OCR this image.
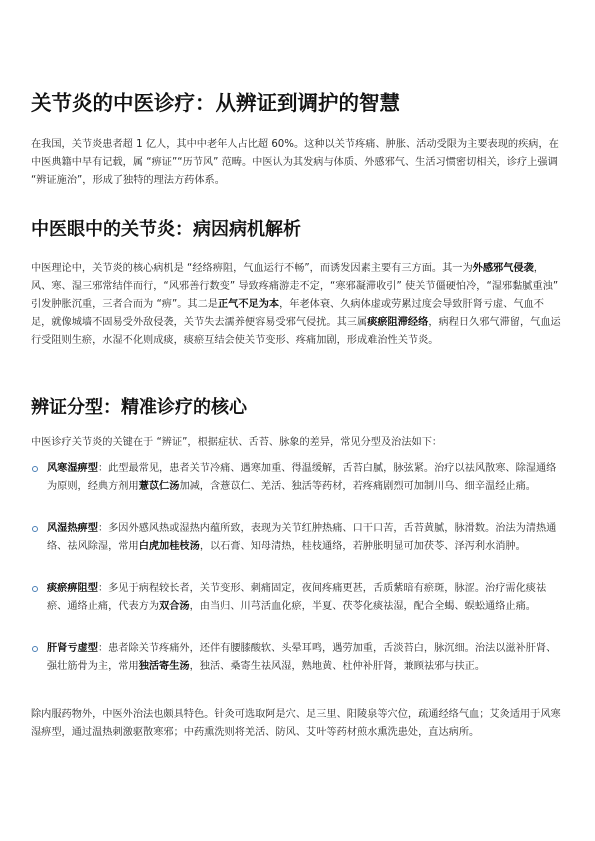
关节炎的中医诊疗：从辨证到调护的智慧

在我国，关节炎患者超 1 亿人，其中中老年人占比超 60%。这种以关节疼痛、肿胀、活动受限为主要表现的疾病，在中医典籍中早有记载，属 “痹证”“历节风” 范畴。中医认为其发病与体质、外感邪气、生活习惯密切相关，诊疗上强调 “辨证施治”，形成了独特的理法方药体系。

中医眼中的关节炎：病因病机解析

中医理论中，关节炎的核心病机是 “经络痹阻，气血运行不畅”，而诱发因素主要有三方面。其一为外感邪气侵袭，风、寒、湿三邪常结伴而行，“风邪善行数变” 导致疼痛游走不定，“寒邪凝滞收引” 使关节僵硬怕冷，“湿邪黏腻重浊” 引发肿胀沉重，三者合而为 “痹”。其二是正气不足为本，年老体衰、久病体虚或劳累过度会导致肝肾亏虚、气血不足，就像城墙不固易受外敌侵袭，关节失去濡养便容易受邪气侵扰。其三属痰瘀阻滞经络，病程日久邪气滞留，气血运行受阻则生瘀，水湿不化则成痰，痰瘀互结会使关节变形、疼痛加剧，形成难治性关节炎。

辨证分型：精准诊疗的核心

中医诊疗关节炎的关键在于 “辨证”，根据症状、舌苔、脉象的差异，常见分型及治法如下：

风寒湿痹型：此型最常见，患者关节冷痛、遇寒加重、得温缓解，舌苔白腻，脉弦紧。治疗以祛风散寒、除湿通络为原则，经典方剂用薏苡仁汤加减，含薏苡仁、羌活、独活等药材，若疼痛剧烈可加制川乌、细辛温经止痛。
风湿热痹型：多因外感风热或湿热内蕴所致，表现为关节红肿热痛、口干口苦，舌苔黄腻，脉滑数。治法为清热通络、祛风除湿，常用白虎加桂枝汤，以石膏、知母清热，桂枝通络，若肿胀明显可加茯苓、泽泻利水消肿。
痰瘀痹阻型：多见于病程较长者，关节变形、刺痛固定，夜间疼痛更甚，舌质紫暗有瘀斑，脉涩。治疗需化痰祛瘀、通络止痛，代表方为双合汤，由当归、川芎活血化瘀，半夏、茯苓化痰祛湿，配合全蝎、蜈蚣通络止痛。
肝肾亏虚型：患者除关节疼痛外，还伴有腰膝酸软、头晕耳鸣，遇劳加重，舌淡苔白，脉沉细。治法以滋补肝肾、强壮筋骨为主，常用独活寄生汤，独活、桑寄生祛风湿，熟地黄、杜仲补肝肾，兼顾祛邪与扶正。

除内服药物外，中医外治法也颇具特色。针灸可选取阿是穴、足三里、阳陵泉等穴位，疏通经络气血；艾灸适用于风寒湿痹型，通过温热刺激驱散寒邪；中药熏洗则将羌活、防风、艾叶等药材煎水熏洗患处，直达病所。
